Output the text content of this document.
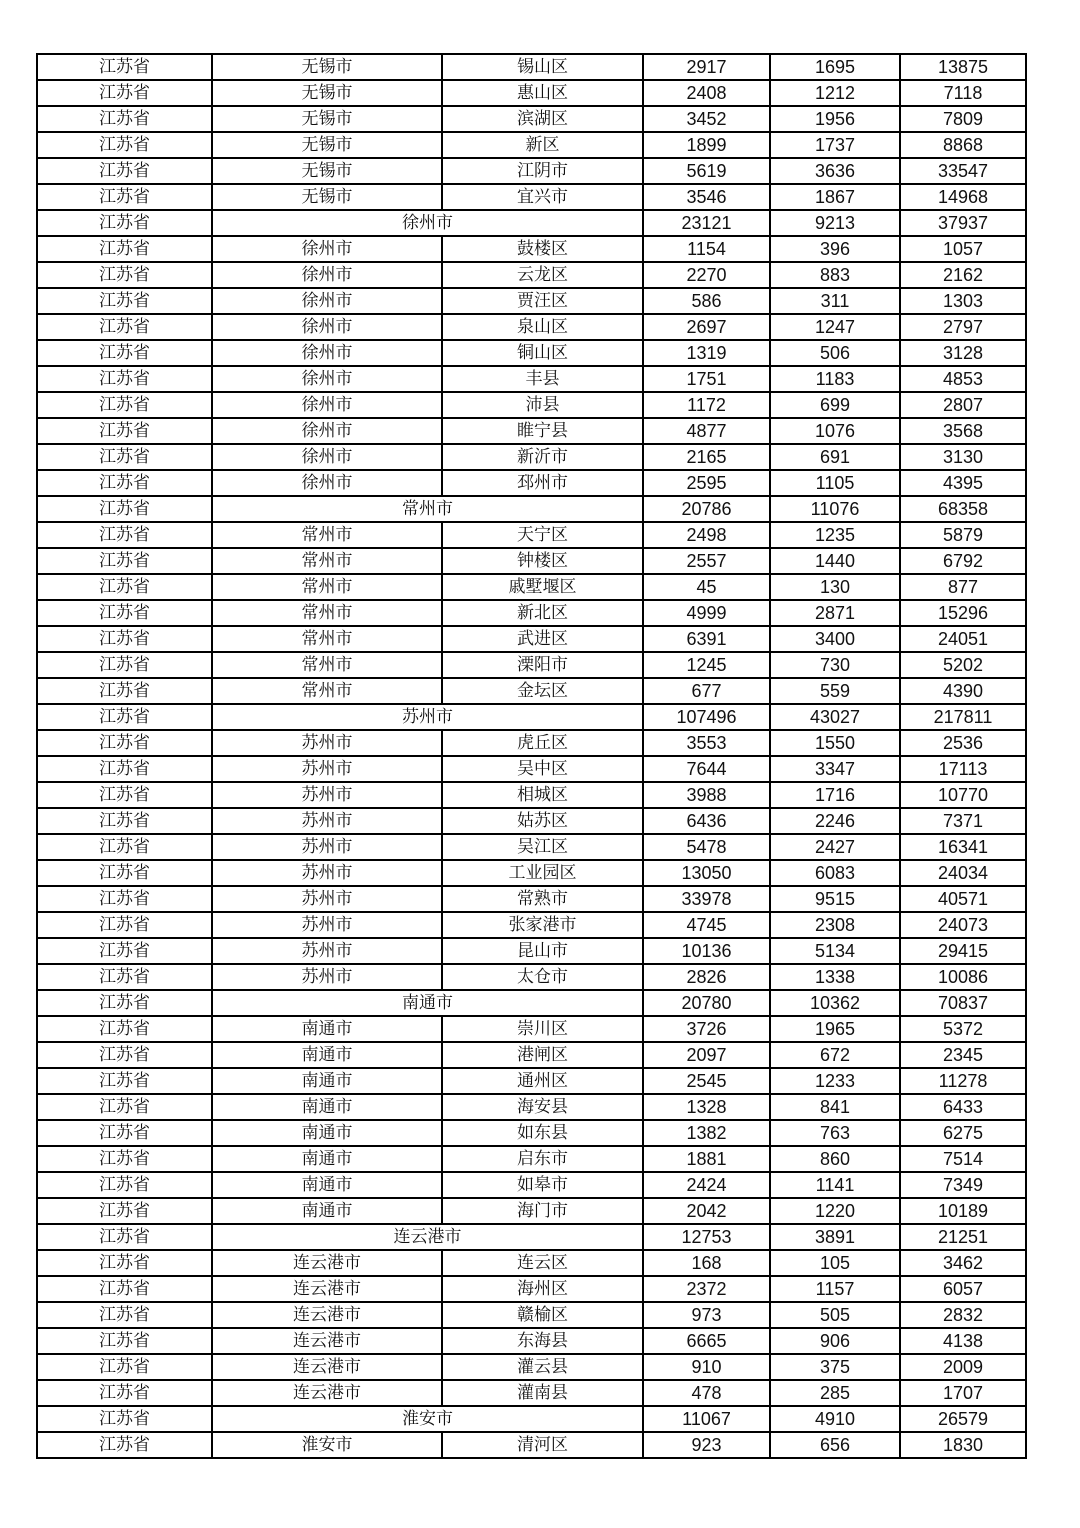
江苏省	无锡市	锡山区	2917	1695	13875
江苏省	无锡市	惠山区	2408	1212	7118
江苏省	无锡市	滨湖区	3452	1956	7809
江苏省	无锡市	新区	1899	1737	8868
江苏省	无锡市	江阴市	5619	3636	33547
江苏省	无锡市	宜兴市	3546	1867	14968
江苏省	徐州市		23121	9213	37937
江苏省	徐州市	鼓楼区	1154	396	1057
江苏省	徐州市	云龙区	2270	883	2162
江苏省	徐州市	贾汪区	586	311	1303
江苏省	徐州市	泉山区	2697	1247	2797
江苏省	徐州市	铜山区	1319	506	3128
江苏省	徐州市	丰县	1751	1183	4853
江苏省	徐州市	沛县	1172	699	2807
江苏省	徐州市	睢宁县	4877	1076	3568
江苏省	徐州市	新沂市	2165	691	3130
江苏省	徐州市	邳州市	2595	1105	4395
江苏省	常州市		20786	11076	68358
江苏省	常州市	天宁区	2498	1235	5879
江苏省	常州市	钟楼区	2557	1440	6792
江苏省	常州市	戚墅堰区	45	130	877
江苏省	常州市	新北区	4999	2871	15296
江苏省	常州市	武进区	6391	3400	24051
江苏省	常州市	溧阳市	1245	730	5202
江苏省	常州市	金坛区	677	559	4390
江苏省	苏州市		107496	43027	217811
江苏省	苏州市	虎丘区	3553	1550	2536
江苏省	苏州市	吴中区	7644	3347	17113
江苏省	苏州市	相城区	3988	1716	10770
江苏省	苏州市	姑苏区	6436	2246	7371
江苏省	苏州市	吴江区	5478	2427	16341
江苏省	苏州市	工业园区	13050	6083	24034
江苏省	苏州市	常熟市	33978	9515	40571
江苏省	苏州市	张家港市	4745	2308	24073
江苏省	苏州市	昆山市	10136	5134	29415
江苏省	苏州市	太仓市	2826	1338	10086
江苏省	南通市		20780	10362	70837
江苏省	南通市	崇川区	3726	1965	5372
江苏省	南通市	港闸区	2097	672	2345
江苏省	南通市	通州区	2545	1233	11278
江苏省	南通市	海安县	1328	841	6433
江苏省	南通市	如东县	1382	763	6275
江苏省	南通市	启东市	1881	860	7514
江苏省	南通市	如皋市	2424	1141	7349
江苏省	南通市	海门市	2042	1220	10189
江苏省	连云港市		12753	3891	21251
江苏省	连云港市	连云区	168	105	3462
江苏省	连云港市	海州区	2372	1157	6057
江苏省	连云港市	赣榆区	973	505	2832
江苏省	连云港市	东海县	6665	906	4138
江苏省	连云港市	灌云县	910	375	2009
江苏省	连云港市	灌南县	478	285	1707
江苏省	淮安市		11067	4910	26579
江苏省	淮安市	清河区	923	656	1830
